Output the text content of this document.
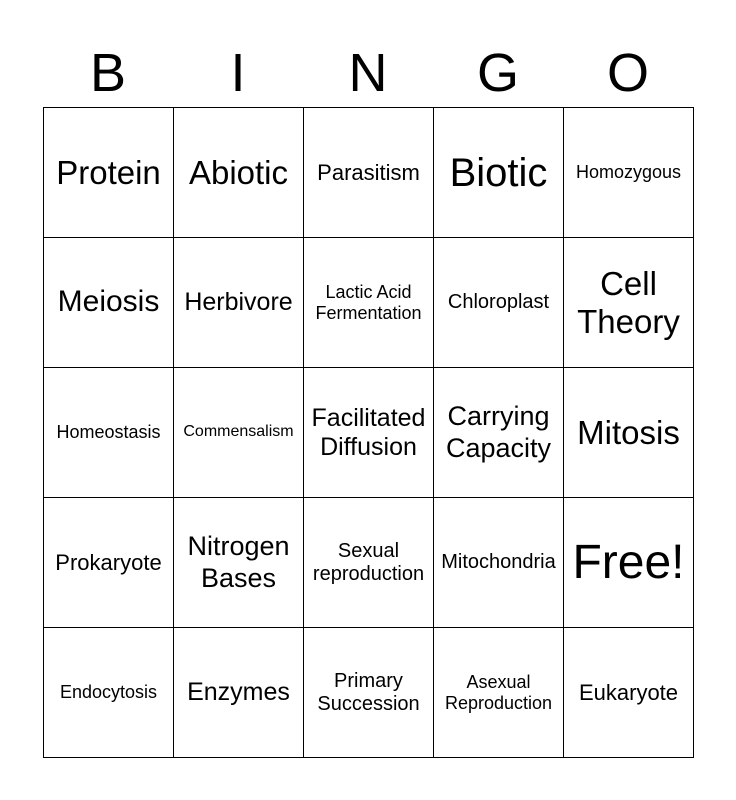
B	I	N	G	O
Protein	Abiotic	Parasitism	Biotic	Homozygous
Meiosis	Herbivore	Lactic Acid Fermentation	Chloroplast	Cell Theory
Homeostasis	Commensalism	Facilitated Diffusion	Carrying Capacity	Mitosis
Prokaryote	Nitrogen Bases	Sexual reproduction	Mitochondria	Free!
Endocytosis	Enzymes	Primary Succession	Asexual Reproduction	Eukaryote
